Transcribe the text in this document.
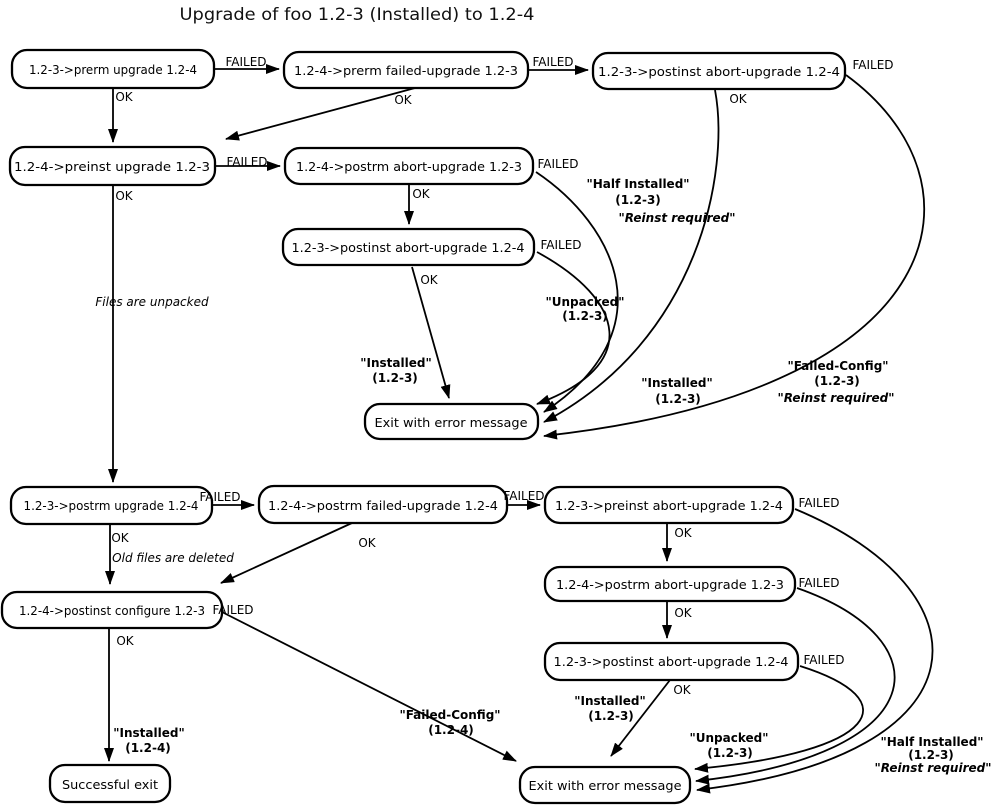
Upgrade of foo 1.2-3 (Installed) to 1.2-4
1.2-3->prerm upgrade 1.2-4	1.2-4->prerm failed-upgrade 1.2-3	1.2-3->postinst abort-upgrade 1.2-4
1.2-4->preinst upgrade 1.2-3	1.2-4->postrm abort-upgrade 1.2-3
1.2-3->postinst abort-upgrade 1.2-4
Exit with error message
1.2-3->postrm upgrade 1.2-4	1.2-4->postrm failed-upgrade 1.2-4	1.2-3->preinst abort-upgrade 1.2-4
1.2-4->postrm abort-upgrade 1.2-3
1.2-3->postinst abort-upgrade 1.2-4
1.2-4->postinst configure 1.2-3
Successful exit	Exit with error message
FAILED	FAILED	FAILED
FAILED	FAILED
FAILED
FAILED	FAILED	FAILED
FAILED
FAILED
FAILED
OK	OK	OK
OK	OK
OK
OK	OK
OK
OK
OK
OK
Files are unpacked
Old files are deleted
"Installed"
(1.2-3)
"Unpacked"
(1.2-3)
"Half Installed"
(1.2-3)
"Reinst required"
"Installed"
(1.2-3)
"Failed-Config"
(1.2-3)
"Reinst required"
"Installed"
(1.2-4)
"Failed-Config"
(1.2-4)
"Installed"
(1.2-3)
"Unpacked"
(1.2-3)
"Half Installed"
(1.2-3)
"Reinst required"
